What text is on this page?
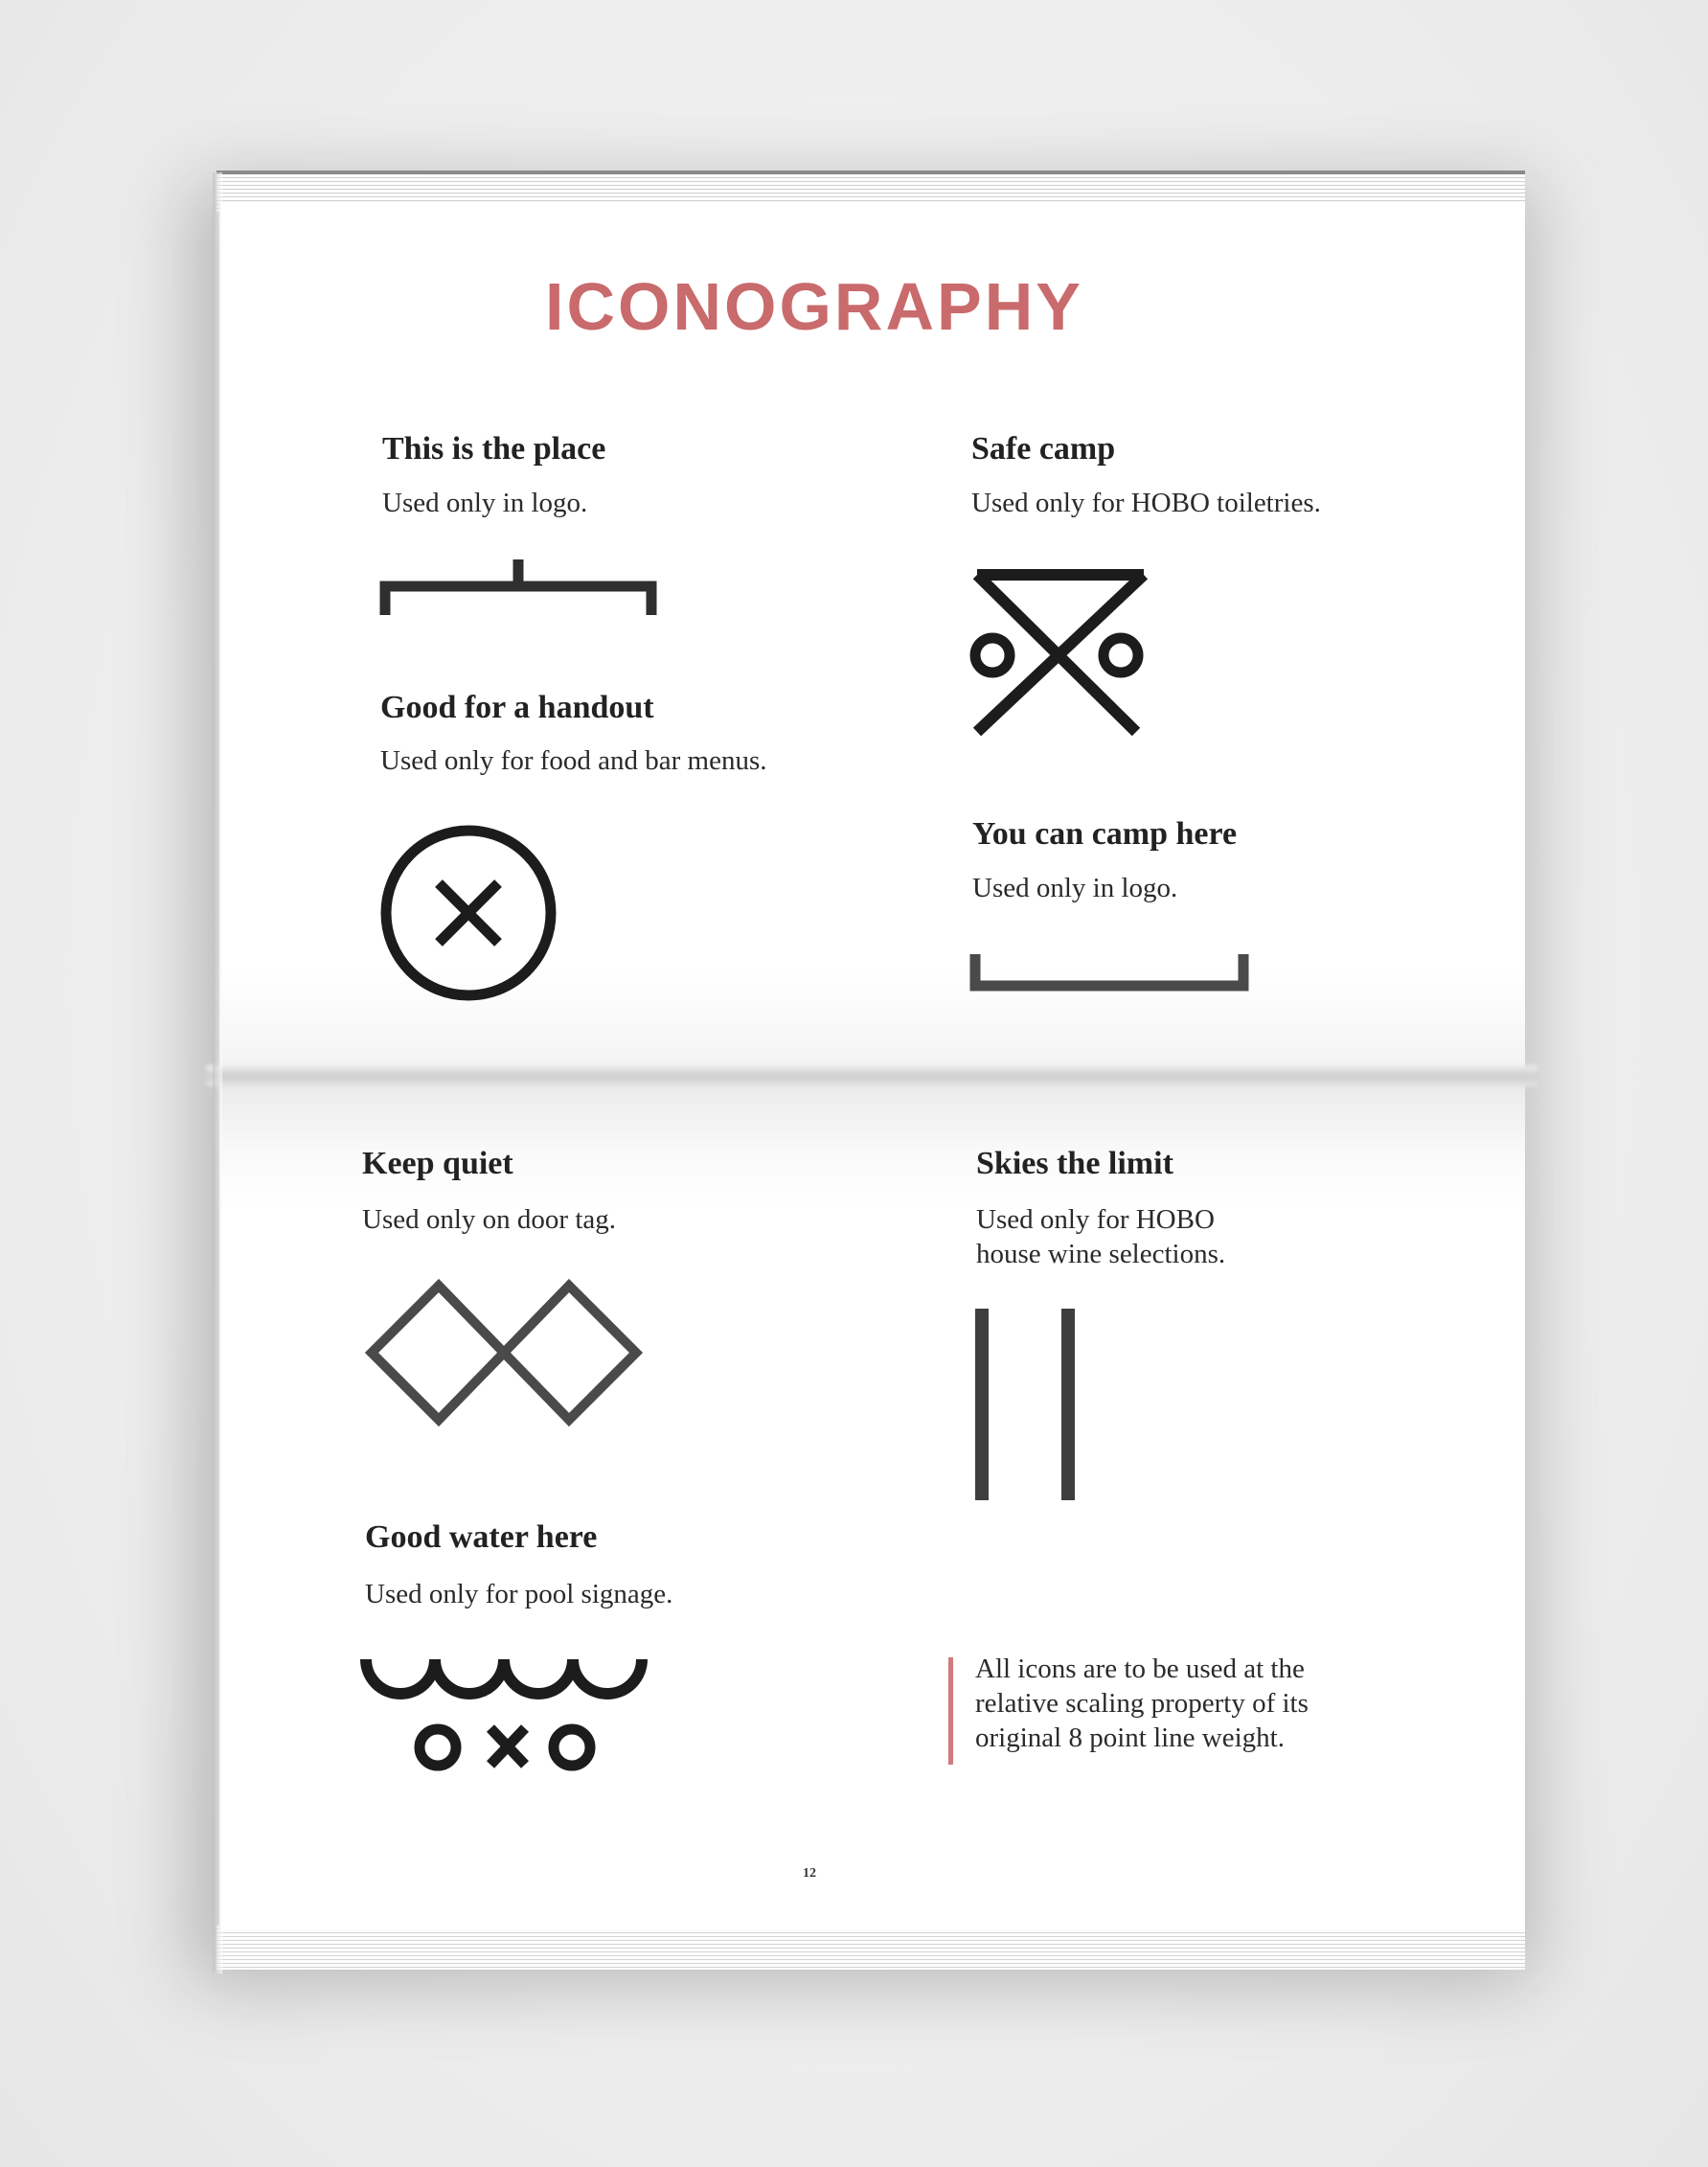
ICONOGRAPHY
This is the place
Used only in logo.
Safe camp
Used only for HOBO toiletries.
Good for a handout
Used only for food and bar menus.
You can camp here
Used only in logo.
Keep quiet
Used only on door tag.
Skies the limit
Used only for HOBO
house wine selections.
Good water here
Used only for pool signage.
All icons are to be used at the
relative scaling property of its
original 8 point line weight.
12
